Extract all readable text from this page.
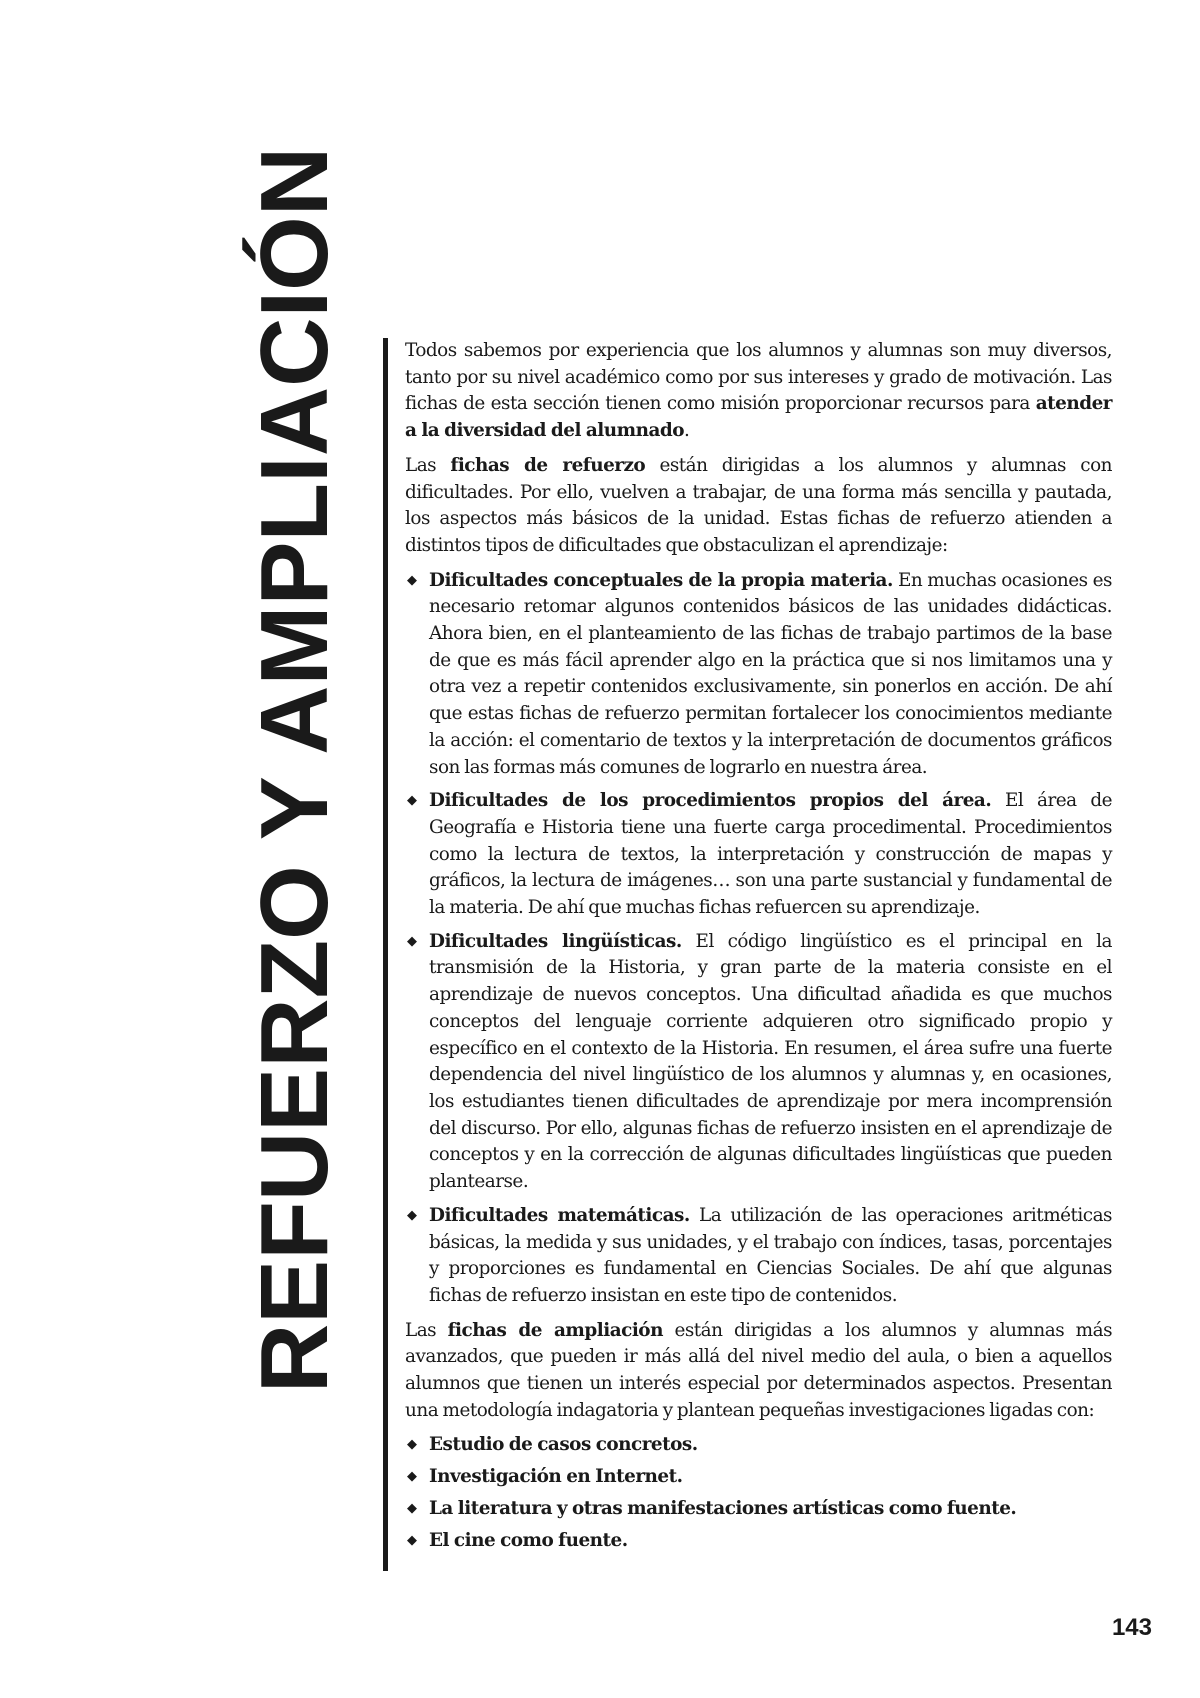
REFUERZO Y AMPLIACIÓN	Todos sabemos por experiencia que los alumnos y alumnas son muy diversos, tanto por su nivel académico como por sus intereses y grado de motivación. Las fichas de esta sección tienen como misión proporcionar recursos para atender a la diversidad del alumnado.

Las fichas de refuerzo están dirigidas a los alumnos y alumnas con dificultades. Por ello, vuelven a trabajar, de una forma más sencilla y pautada, los aspectos más básicos de la unidad. Estas fichas de refuerzo atienden a distintos tipos de dificultades que obstaculizan el aprendizaje:

◆ Dificultades conceptuales de la propia materia. En muchas ocasiones es necesario retomar algunos contenidos básicos de las unidades didácticas. Ahora bien, en el planteamiento de las fichas de trabajo partimos de la base de que es más fácil aprender algo en la práctica que si nos limitamos una y otra vez a repetir contenidos exclusivamente, sin ponerlos en acción. De ahí que estas fichas de refuerzo permitan fortalecer los conocimientos mediante la acción: el comentario de textos y la interpretación de documentos gráficos son las formas más comunes de lograrlo en nuestra área.
◆ Dificultades de los procedimientos propios del área. El área de Geografía e Historia tiene una fuerte carga procedimental. Procedimientos como la lectura de textos, la interpretación y construcción de mapas y gráficos, la lectura de imágenes… son una parte sustancial y fundamental de la materia. De ahí que muchas fichas refuercen su aprendizaje.
◆ Dificultades lingüísticas. El código lingüístico es el principal en la transmisión de la Historia, y gran parte de la materia consiste en el aprendizaje de nuevos conceptos. Una dificultad añadida es que muchos conceptos del lenguaje corriente adquieren otro significado propio y específico en el contexto de la Historia. En resumen, el área sufre una fuerte dependencia del nivel lingüístico de los alumnos y alumnas y, en ocasiones, los estudiantes tienen dificultades de aprendizaje por mera incomprensión del discurso. Por ello, algunas fichas de refuerzo insisten en el aprendizaje de conceptos y en la corrección de algunas dificultades lingüísticas que pueden plantearse.
◆ Dificultades matemáticas. La utilización de las operaciones aritméticas básicas, la medida y sus unidades, y el trabajo con índices, tasas, porcentajes y proporciones es fundamental en Ciencias Sociales. De ahí que algunas fichas de refuerzo insistan en este tipo de contenidos.

Las fichas de ampliación están dirigidas a los alumnos y alumnas más avanzados, que pueden ir más allá del nivel medio del aula, o bien a aquellos alumnos que tienen un interés especial por determinados aspectos. Presentan una metodología indagatoria y plantean pequeñas investigaciones ligadas con:

◆ Estudio de casos concretos.
◆ Investigación en Internet.
◆ La literatura y otras manifestaciones artísticas como fuente.
◆ El cine como fuente.
143
